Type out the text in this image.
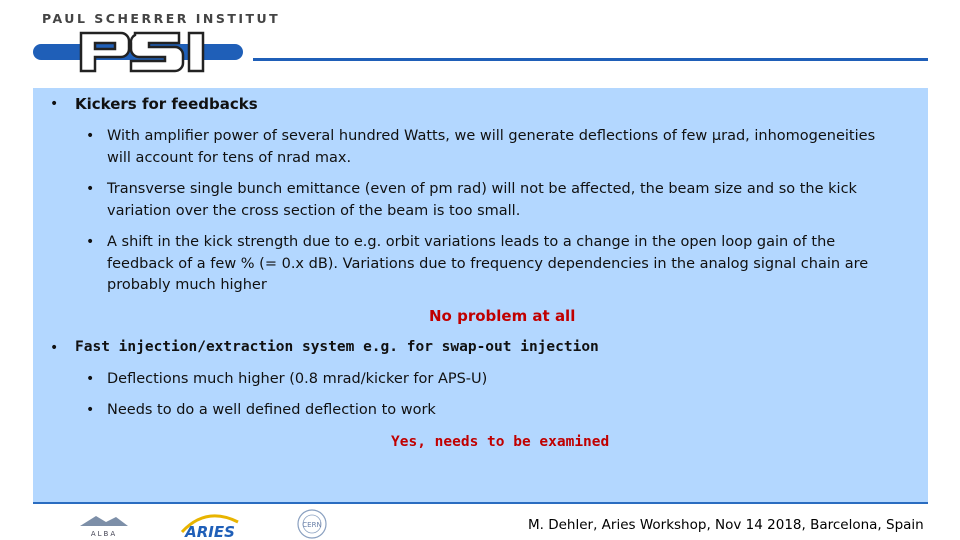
PAUL SCHERRER INSTITUT
• Kickers for feedbacks
• With amplifier power of several hundred Watts, we will generate deflections of few µrad, inhomogeneities
will account for tens of nrad max.
• Transverse single bunch emittance (even of pm rad) will not be affected, the beam size and so the kick
variation over the cross section of the beam is too small.
• A shift in the kick strength due to e.g. orbit variations leads to a change in the open loop gain of the
feedback of a few % (= 0.x dB). Variations due to frequency dependencies in the analog signal chain are
probably much higher
No problem at all
• Fast injection/extraction system e.g. for swap-out injection
• Deflections much higher (0.8 mrad/kicker for APS-U)
• Needs to do a well defined deflection to work
Yes, needs to be examined
ALBA	ARIES	CERN	M. Dehler, Aries Workshop, Nov 14 2018, Barcelona, Spain
